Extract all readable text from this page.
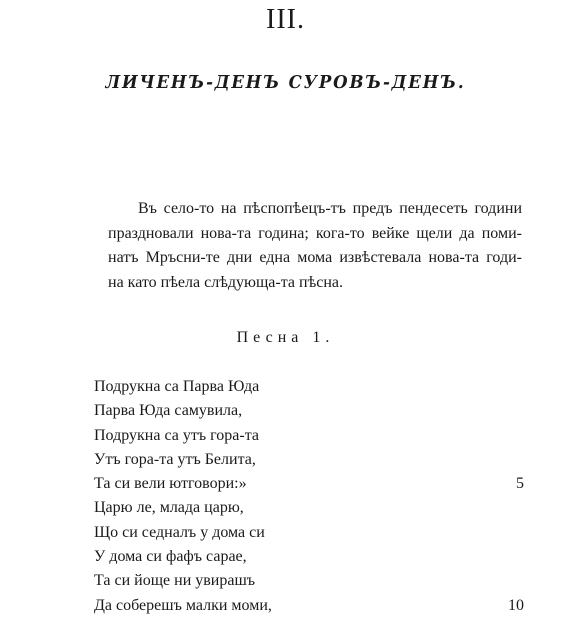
III.
ЛИЧЕНЪ-ДЕНЪ СУРОВЪ-ДЕНЪ.
Въ село-то на пѣспопѣецъ-тъ предъ пендесеть години
праздновали нова-та година; кога-то вейке щели да поми-
натъ Мръсни-те дни една мома извѣстевала нова-та годи-
на като пѣела слѣдующа-та пѣсна.
Песна 1.
Подрукна са Парва Юда
Парва Юда самувила,
Подрукна са утъ гора-та
Утъ гора-та утъ Белита,
Та си вели ютговори:»	5
Царю ле, млада царю,
Що си седналъ у дома си
У дома си фафъ сарае,
Та си йоще ни увирашъ
Да соберешъ малки моми,	10
